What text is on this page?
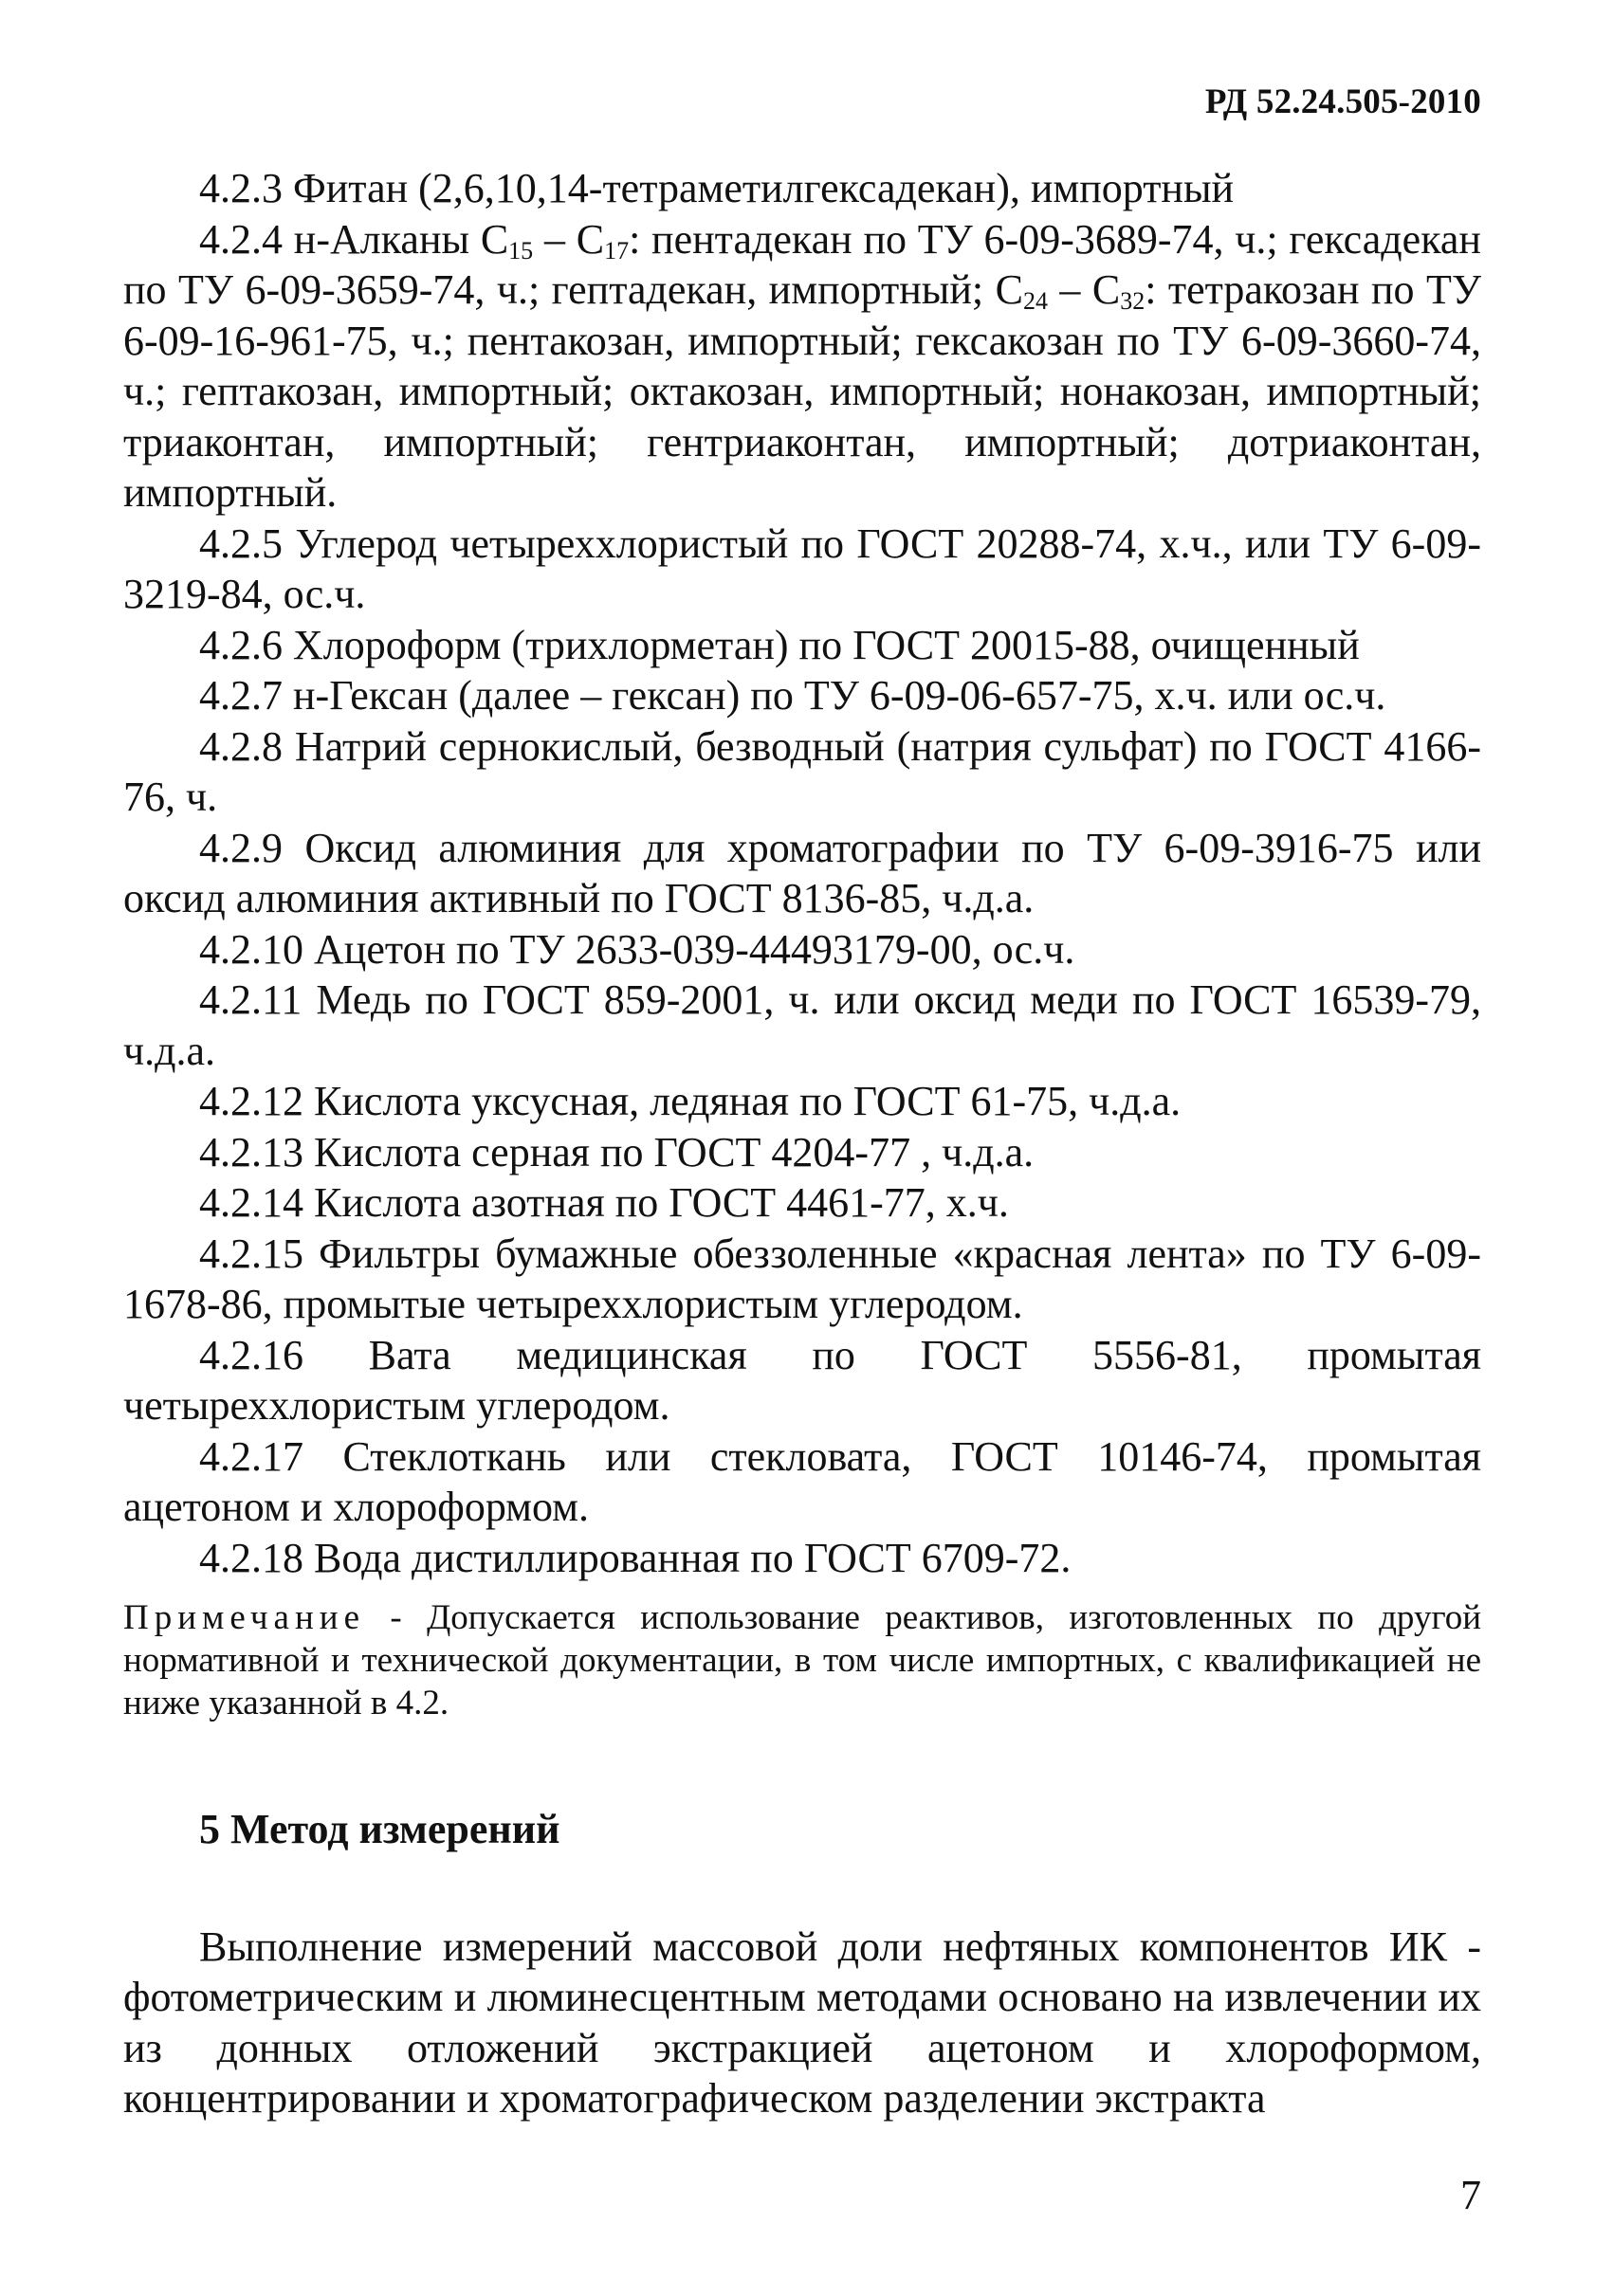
РД 52.24.505-2010

4.2.3 Фитан (2,6,10,14-тетраметилгексадекан), импортный

4.2.4 н-Алканы $С_{15} - С_{17}$: пентадекан по ТУ 6-09-3689-74, ч.; гексадекан по ТУ 6-09-3659-74, ч.; гептадекан, импортный; $С_{24} - С_{32}$: тетракозан по ТУ 6-09-16-961-75, ч.; пентакозан, импортный; гексакозан по ТУ 6-09-3660-74, ч.; гептакозан, импортный; октакозан, импортный; нонакозан, импортный; триаконтан, импортный; гентриаконтан, импортный; дотриаконтан, импортный.

4.2.5 Углерод четыреххлористый по ГОСТ 20288-74, х.ч., или ТУ 6-09-3219-84, ос.ч.

4.2.6 Хлороформ (трихлорметан) по ГОСТ 20015-88, очищенный

4.2.7 н-Гексан (далее – гексан) по ТУ 6-09-06-657-75, х.ч. или ос.ч.

4.2.8 Натрий сернокислый, безводный (натрия сульфат) по ГОСТ 4166-76, ч.

4.2.9 Оксид алюминия для хроматографии по ТУ 6-09-3916-75 или оксид алюминия активный по ГОСТ 8136-85, ч.д.а.

4.2.10 Ацетон по ТУ 2633-039-44493179-00, ос.ч.

4.2.11 Медь по ГОСТ 859-2001, ч. или оксид меди по ГОСТ 16539-79, ч.д.а.

4.2.12 Кислота уксусная, ледяная по ГОСТ 61-75, ч.д.а.

4.2.13 Кислота серная по ГОСТ 4204-77 , ч.д.а.

4.2.14 Кислота азотная по ГОСТ 4461-77, х.ч.

4.2.15 Фильтры бумажные обеззоленные «красная лента» по ТУ 6-09-1678-86, промытые четыреххлористым углеродом.

4.2.16 Вата медицинская по ГОСТ 5556-81, промытая четыреххлористым углеродом.

4.2.17 Стеклоткань или стекловата, ГОСТ 10146-74, промытая ацетоном и хлороформом.

4.2.18 Вода дистиллированная по ГОСТ 6709-72.

Примечание - Допускается использование реактивов, изготовленных по другой нормативной и технической документации, в том числе импортных, с квалификацией не ниже указанной в 4.2.
5 Метод измерений

Выполнение измерений массовой доли нефтяных компонентов ИК - фотометрическим и люминесцентным методами основано на извлечении их из донных отложений экстракцией ацетоном и хлороформом, концентрировании и хроматографическом разделении экстракта

7
